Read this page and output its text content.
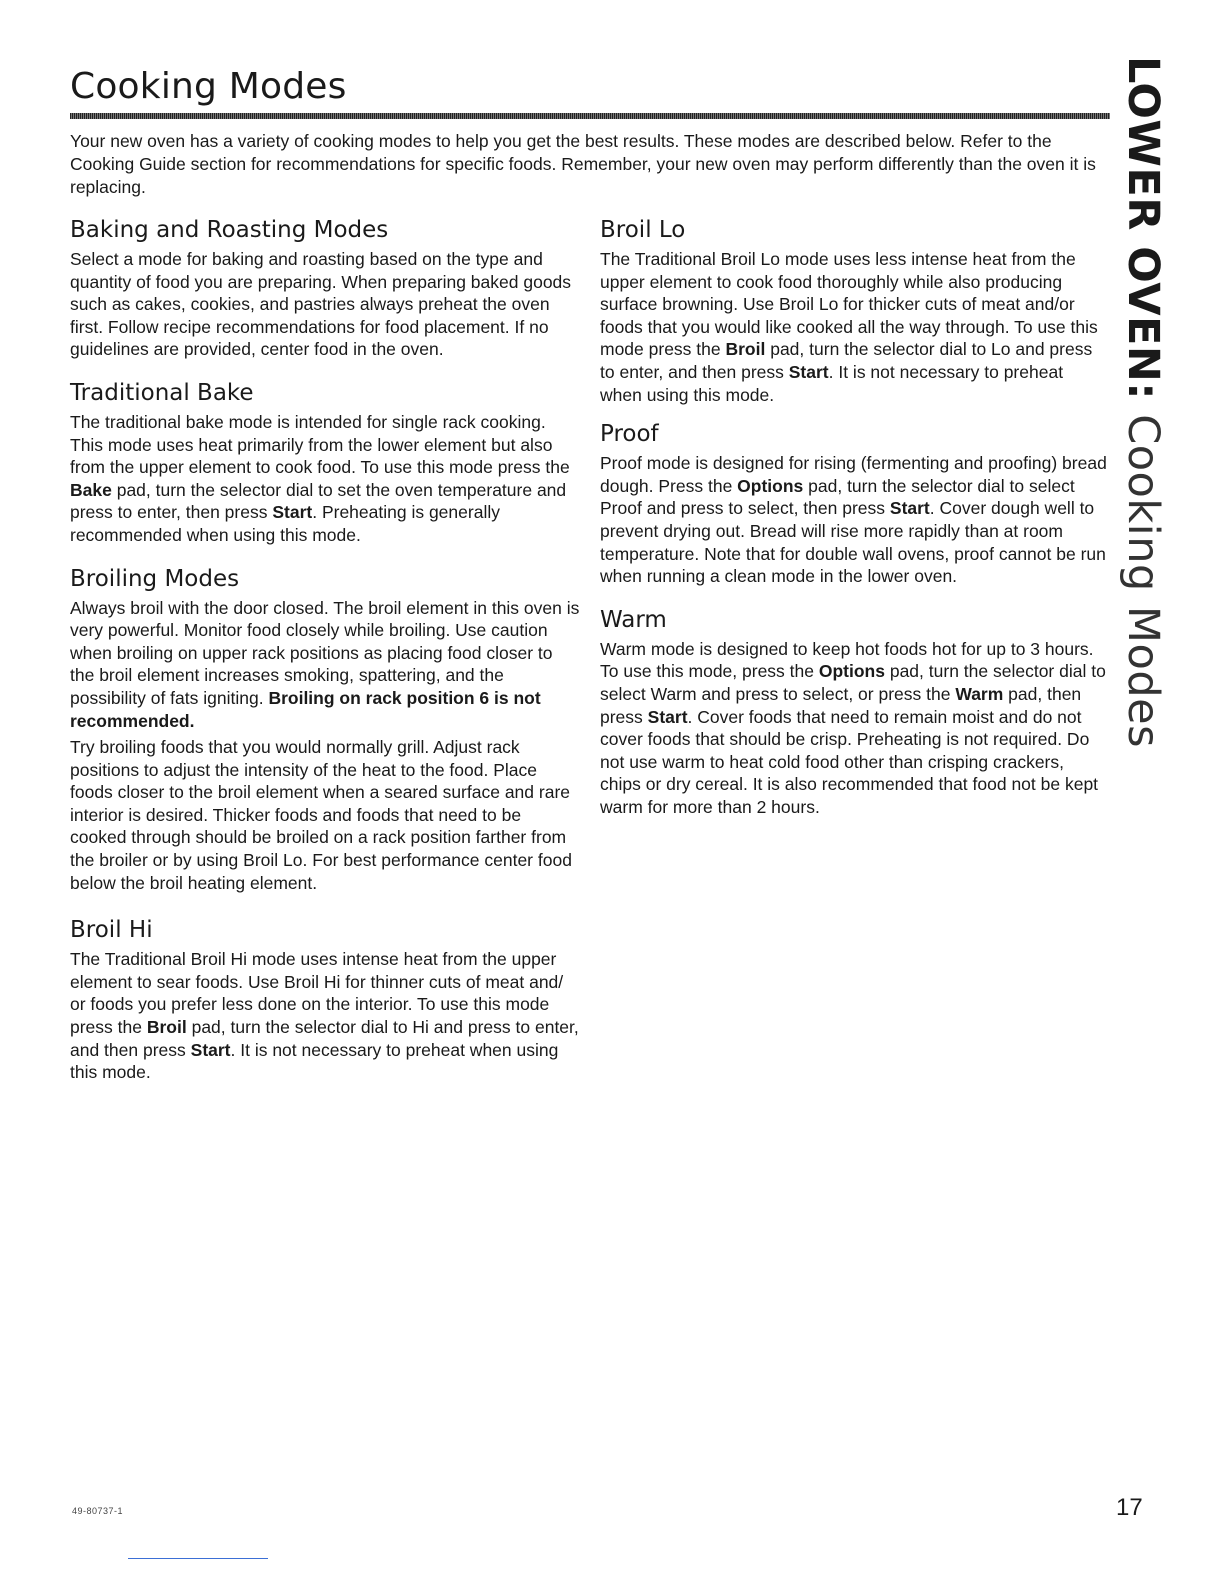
Cooking Modes

Your new oven has a variety of cooking modes to help you get the best results. These modes are described below. Refer to the Cooking Guide section for recommendations for specific foods. Remember, your new oven may perform differently than the oven it is replacing.

Baking and Roasting Modes

Select a mode for baking and roasting based on the type and quantity of food you are preparing. When preparing baked goods such as cakes, cookies, and pastries always preheat the oven first. Follow recipe recommendations for food placement. If no guidelines are provided, center food in the oven.

Traditional Bake

The traditional bake mode is intended for single rack cooking. This mode uses heat primarily from the lower element but also from the upper element to cook food. To use this mode press the Bake pad, turn the selector dial to set the oven temperature and press to enter, then press Start. Preheating is generally recommended when using this mode.

Broiling Modes

Always broil with the door closed. The broil element in this oven is very powerful. Monitor food closely while broiling. Use caution when broiling on upper rack positions as placing food closer to the broil element increases smoking, spattering, and the possibility of fats igniting. Broiling on rack position 6 is not recommended.

Try broiling foods that you would normally grill. Adjust rack positions to adjust the intensity of the heat to the food. Place foods closer to the broil element when a seared surface and rare interior is desired. Thicker foods and foods that need to be cooked through should be broiled on a rack position farther from the broiler or by using Broil Lo. For best performance center food below the broil heating element.

Broil Hi

The Traditional Broil Hi mode uses intense heat from the upper element to sear foods. Use Broil Hi for thinner cuts of meat and/ or foods you prefer less done on the interior. To use this mode press the Broil pad, turn the selector dial to Hi and press to enter, and then press Start. It is not necessary to preheat when using this mode.

Broil Lo

The Traditional Broil Lo mode uses less intense heat from the upper element to cook food thoroughly while also producing surface browning. Use Broil Lo for thicker cuts of meat and/or foods that you would like cooked all the way through. To use this mode press the Broil pad, turn the selector dial to Lo and press to enter, and then press Start. It is not necessary to preheat when using this mode.

Proof

Proof mode is designed for rising (fermenting and proofing) bread dough. Press the Options pad, turn the selector dial to select Proof and press to select, then press Start. Cover dough well to prevent drying out. Bread will rise more rapidly than at room temperature. Note that for double wall ovens, proof cannot be run when running a clean mode in the lower oven.

Warm

Warm mode is designed to keep hot foods hot for up to 3 hours. To use this mode, press the Options pad, turn the selector dial to select Warm and press to select, or press the Warm pad, then press Start. Cover foods that need to remain moist and do not cover foods that should be crisp. Preheating is not required. Do not use warm to heat cold food other than crisping crackers, chips or dry cereal. It is also recommended that food not be kept warm for more than 2 hours.

LOWER OVEN: Cooking Modes
49-80737-1	17
